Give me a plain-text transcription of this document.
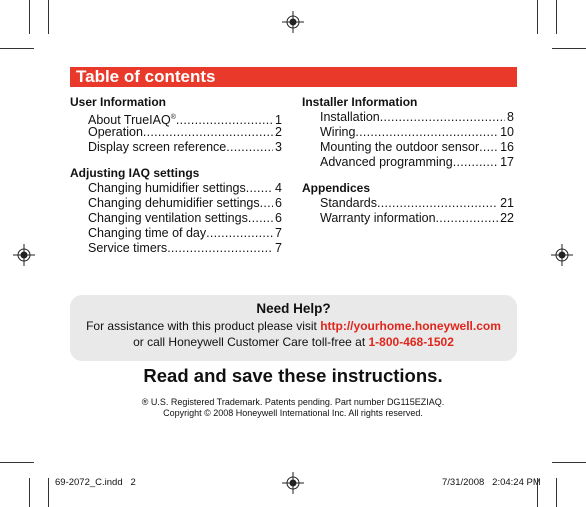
Table of contents
User Information
About TrueIAQ® . . .	1
Operation . . .	2
Display screen reference . . .	3
Adjusting IAQ settings
Changing humidifier settings . . . 4
Changing dehumidifier settings . . . 6
Changing ventilation settings . . . 6
Changing time of day . . .	7
Service timers . . .	7
Installer Information
Installation . . .	8
Wiring . . .	10
Mounting the outdoor sensor . . . 16
Advanced programming . . .	17
Appendices
Standards . . .	21
Warranty information . . .	22
Need Help?
For assistance with this product please visit http://yourhome.honeywell.com
or call Honeywell Customer Care toll-free at 1-800-468-1502
Read and save these instructions.
® U.S. Registered Trademark. Patents pending. Part number DG115EZIAQ.
Copyright © 2008 Honeywell International Inc. All rights reserved.
69-2072_C.indd   2	7/31/2008   2:04:24 PM
